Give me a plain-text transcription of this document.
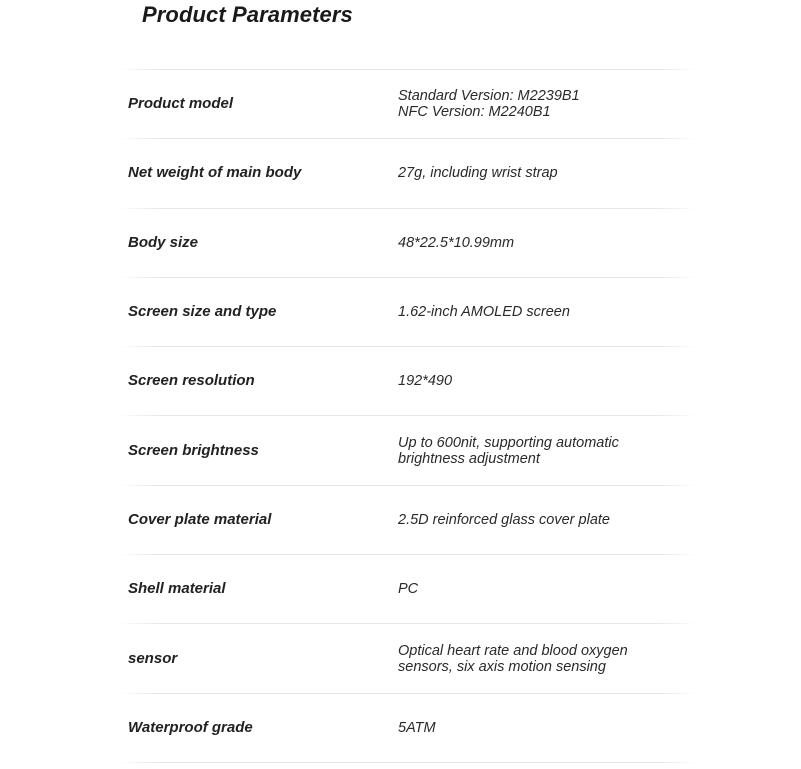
Product Parameters
Product model	Standard Version: M2239B1
NFC Version: M2240B1
Net weight of main body	27g, including wrist strap
Body size	48*22.5*10.99mm
Screen size and type	1.62-inch AMOLED screen
Screen resolution	192*490
Screen brightness	Up to 600nit, supporting automatic
brightness adjustment
Cover plate material	2.5D reinforced glass cover plate
Shell material	PC
sensor	Optical heart rate and blood oxygen
sensors, six axis motion sensing
Waterproof grade	5ATM
